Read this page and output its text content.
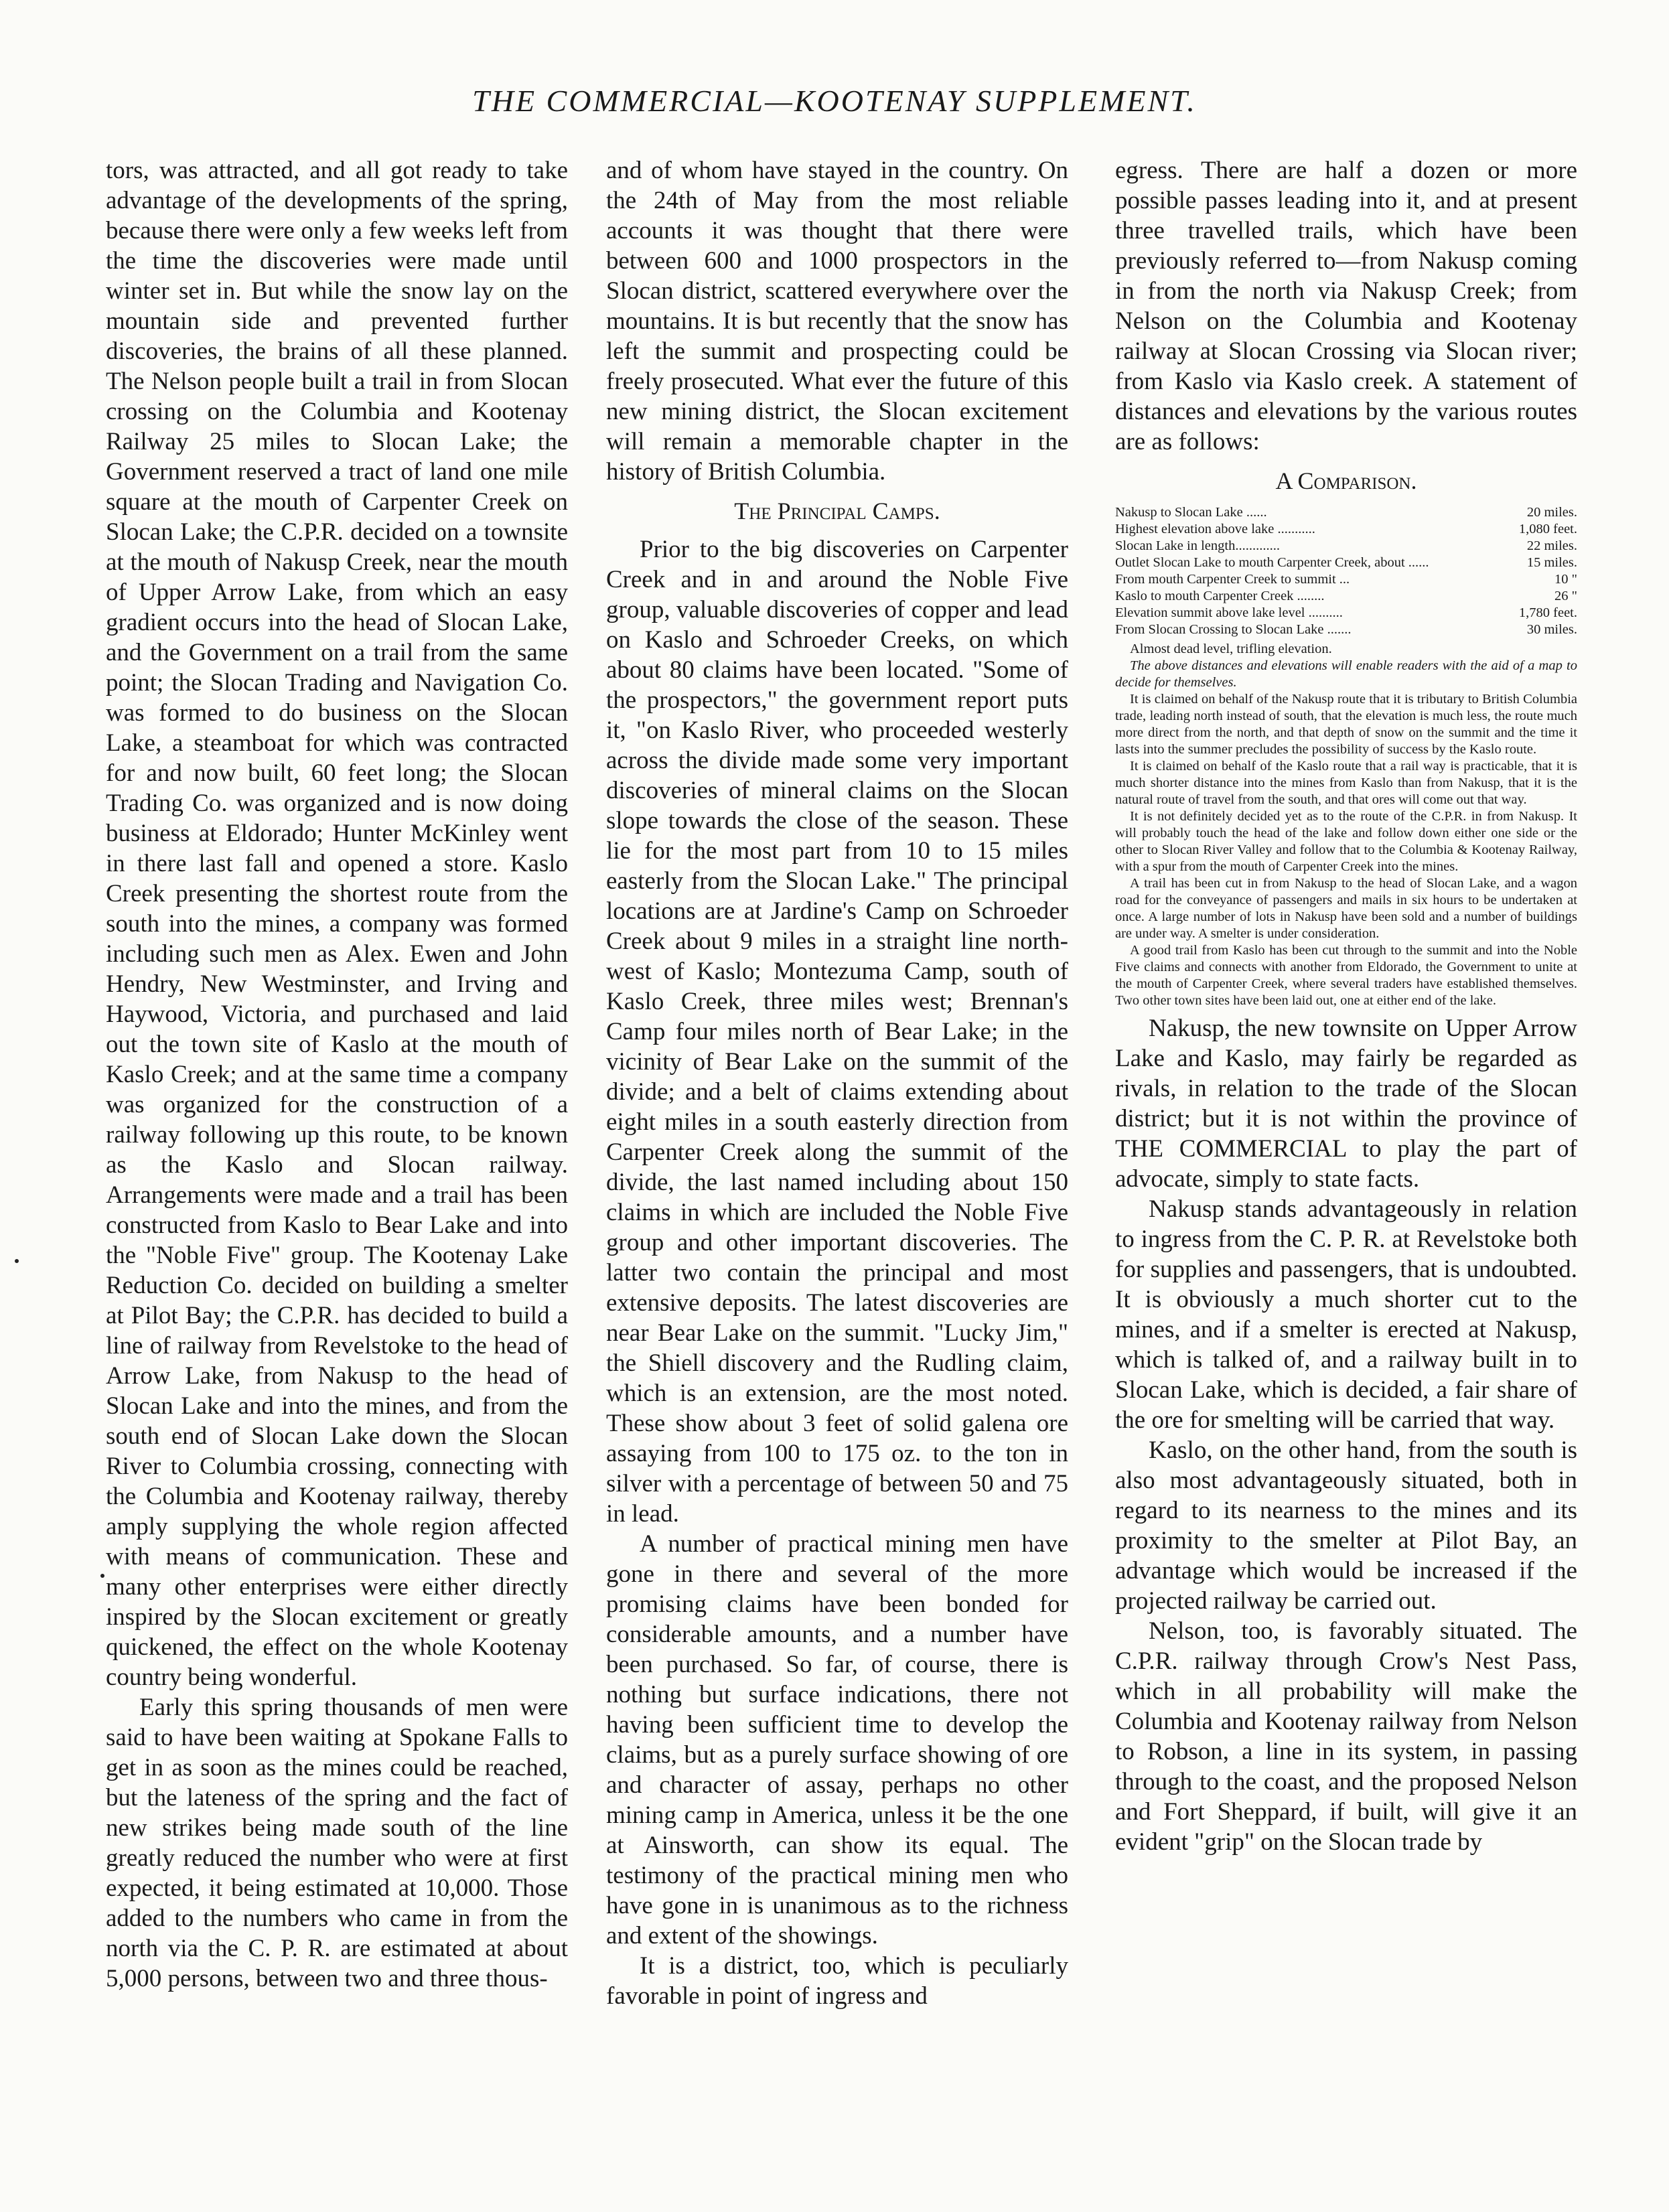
THE COMMERCIAL—KOOTENAY SUPPLEMENT.

tors, was attracted, and all got ready to take advantage of the developments of the spring, because there were only a few weeks left from the time the discoveries were made until winter set in. But while the snow lay on the mountain side and prevented further discoveries, the brains of all these planned. The Nelson people built a trail in from Slocan crossing on the Columbia and Kootenay Railway 25 miles to Slocan Lake; the Government reserved a tract of land one mile square at the mouth of Carpenter Creek on Slocan Lake; the C.P.R. decided on a townsite at the mouth of Nakusp Creek, near the mouth of Upper Arrow Lake, from which an easy gradient occurs into the head of Slocan Lake, and the Government on a trail from the same point; the Slocan Trading and Navigation Co. was formed to do business on the Slocan Lake, a steamboat for which was contracted for and now built, 60 feet long; the Slocan Trading Co. was organized and is now doing business at Eldorado; Hunter McKinley went in there last fall and opened a store. Kaslo Creek presenting the shortest route from the south into the mines, a company was formed including such men as Alex. Ewen and John Hendry, New Westminster, and Irving and Haywood, Victoria, and purchased and laid out the town site of Kaslo at the mouth of Kaslo Creek; and at the same time a company was organized for the construction of a railway following up this route, to be known as the Kaslo and Slocan railway. Arrangements were made and a trail has been constructed from Kaslo to Bear Lake and into the "Noble Five" group. The Kootenay Lake Reduction Co. decided on building a smelter at Pilot Bay; the C.P.R. has decided to build a line of railway from Revelstoke to the head of Arrow Lake, from Nakusp to the head of Slocan Lake and into the mines, and from the south end of Slocan Lake down the Slocan River to Columbia crossing, connecting with the Columbia and Kootenay railway, thereby amply supplying the whole region affected with means of communication. These and many other enterprises were either directly inspired by the Slocan excitement or greatly quickened, the effect on the whole Kootenay country being wonderful.

Early this spring thousands of men were said to have been waiting at Spokane Falls to get in as soon as the mines could be reached, but the lateness of the spring and the fact of new strikes being made south of the line greatly reduced the number who were at first expected, it being estimated at 10,000. Those added to the numbers who came in from the north via the C. P. R. are estimated at about 5,000 persons, between two and three thous-

and of whom have stayed in the country. On the 24th of May from the most reliable accounts it was thought that there were between 600 and 1000 prospectors in the Slocan district, scattered everywhere over the mountains. It is but recently that the snow has left the summit and prospecting could be freely prosecuted. What ever the future of this new mining district, the Slocan excitement will remain a memorable chapter in the history of British Columbia.

The Principal Camps.

Prior to the big discoveries on Carpenter Creek and in and around the Noble Five group, valuable discoveries of copper and lead on Kaslo and Schroeder Creeks, on which about 80 claims have been located. "Some of the prospectors," the government report puts it, "on Kaslo River, who proceeded westerly across the divide made some very important discoveries of mineral claims on the Slocan slope towards the close of the season. These lie for the most part from 10 to 15 miles easterly from the Slocan Lake." The principal locations are at Jardine's Camp on Schroeder Creek about 9 miles in a straight line north-west of Kaslo; Montezuma Camp, south of Kaslo Creek, three miles west; Brennan's Camp four miles north of Bear Lake; in the vicinity of Bear Lake on the summit of the divide; and a belt of claims extending about eight miles in a south easterly direction from Carpenter Creek along the summit of the divide, the last named including about 150 claims in which are included the Noble Five group and other important discoveries. The latter two contain the principal and most extensive deposits. The latest discoveries are near Bear Lake on the summit. "Lucky Jim," the Shiell discovery and the Rudling claim, which is an extension, are the most noted. These show about 3 feet of solid galena ore assaying from 100 to 175 oz. to the ton in silver with a percentage of between 50 and 75 in lead.

A number of practical mining men have gone in there and several of the more promising claims have been bonded for considerable amounts, and a number have been purchased. So far, of course, there is nothing but surface indications, there not having been sufficient time to develop the claims, but as a purely surface showing of ore and character of assay, perhaps no other mining camp in America, unless it be the one at Ainsworth, can show its equal. The testimony of the practical mining men who have gone in is unanimous as to the richness and extent of the showings.

It is a district, too, which is peculiarly favorable in point of ingress and

egress. There are half a dozen or more possible passes leading into it, and at present three travelled trails, which have been previously referred to—from Nakusp coming in from the north via Nakusp Creek; from Nelson on the Columbia and Kootenay railway at Slocan Crossing via Slocan river; from Kaslo via Kaslo creek. A statement of distances and elevations by the various routes are as follows:

A Comparison.
Nakusp to Slocan Lake ......	20 miles.
Highest elevation above lake ...........	1,080 feet.
Slocan Lake in length.............	22 miles.
Outlet Slocan Lake to mouth Carpenter Creek, about ......	15 miles.
From mouth Carpenter Creek to summit ...	10 "
Kaslo to mouth Carpenter Creek ........	26 "
Elevation summit above lake level ..........	1,780 feet.
From Slocan Crossing to Slocan Lake .......	30 miles.

Almost dead level, trifling elevation.

The above distances and elevations will enable readers with the aid of a map to decide for themselves.

It is claimed on behalf of the Nakusp route that it is tributary to British Columbia trade, leading north instead of south, that the elevation is much less, the route much more direct from the north, and that depth of snow on the summit and the time it lasts into the summer precludes the possibility of success by the Kaslo route.

It is claimed on behalf of the Kaslo route that a rail way is practicable, that it is much shorter distance into the mines from Kaslo than from Nakusp, that it is the natural route of travel from the south, and that ores will come out that way.

It is not definitely decided yet as to the route of the C.P.R. in from Nakusp. It will probably touch the head of the lake and follow down either one side or the other to Slocan River Valley and follow that to the Columbia & Kootenay Railway, with a spur from the mouth of Carpenter Creek into the mines.

A trail has been cut in from Nakusp to the head of Slocan Lake, and a wagon road for the conveyance of passengers and mails in six hours to be undertaken at once. A large number of lots in Nakusp have been sold and a number of buildings are under way. A smelter is under consideration.

A good trail from Kaslo has been cut through to the summit and into the Noble Five claims and connects with another from Eldorado, the Government to unite at the mouth of Carpenter Creek, where several traders have established themselves. Two other town sites have been laid out, one at either end of the lake.

Nakusp, the new townsite on Upper Arrow Lake and Kaslo, may fairly be regarded as rivals, in relation to the trade of the Slocan district; but it is not within the province of THE COMMERCIAL to play the part of advocate, simply to state facts.

Nakusp stands advantageously in relation to ingress from the C. P. R. at Revelstoke both for supplies and passengers, that is undoubted. It is obviously a much shorter cut to the mines, and if a smelter is erected at Nakusp, which is talked of, and a railway built in to Slocan Lake, which is decided, a fair share of the ore for smelting will be carried that way.

Kaslo, on the other hand, from the south is also most advantageously situated, both in regard to its nearness to the mines and its proximity to the smelter at Pilot Bay, an advantage which would be increased if the projected railway be carried out.

Nelson, too, is favorably situated. The C.P.R. railway through Crow's Nest Pass, which in all probability will make the Columbia and Kootenay railway from Nelson to Robson, a line in its system, in passing through to the coast, and the proposed Nelson and Fort Sheppard, if built, will give it an evident "grip" on the Slocan trade by
